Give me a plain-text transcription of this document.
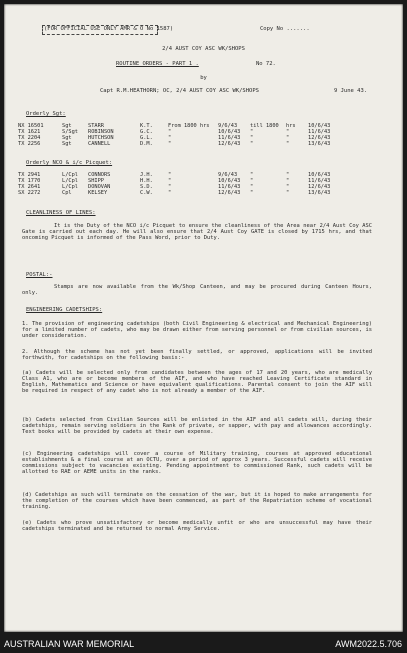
(FOR OFFICIAL USE ONLY AMR & O No 1587)	Copy No .......
2/4 AUST COY ASC WK/SHOPS
ROUTINE ORDERS - PART 1 .	No 72.
by
Capt R.M.HEATHORN; OC, 2/4 AUST COY ASC WK/SHOPS	9 June 43.
Orderly Sgt:
NX 16501	Sgt	STARR	K.T.	From 1800 hrs	9/6/43	till 1800	hrs	10/6/43
TX 1621	S/Sgt	ROBINSON	G.C.	"	10/6/43	"	"	11/6/43
TX 2204	Sgt	HUTCHSON	G.L.	"	11/6/43	"	"	12/6/43
TX 2256	Sgt	CANNELL	D.M.	"	12/6/43	"	"	13/6/43
Orderly NCO & i/c Picquet:
TX 2941	L/Cpl	CONNORS	J.H.	"	9/6/43	"	"	10/6/43
TX 1770	L/Cpl	SHIPP	H.H.	"	10/6/43	"	"	11/6/43
TX 2641	L/Cpl	DONOVAN	S.D.	"	11/6/43	"	"	12/6/43
SX 2272	Cpl	KELSEY	C.W.	"	12/6/43	"	"	13/6/43
CLEANLINESS OF LINES:
It is the Duty of the NCO i/c Picquet to ensure the cleanliness of the Area near 2/4 Aust Coy ASC Gate is carried out each day. He will also ensure that 2/4 Aust Coy GATE is closed by 1715 hrs, and that oncoming Picquet is informed of the Pass Word, prior to Duty.
POSTAL:-
Stamps are now available from the Wk/Shop Canteen, and may be procured during Canteen Hours, only.
ENGINEERING CADETSHIPS:
1. The provision of engineering cadetships (both Civil Engineering & electrical and Mechanical Engineering) for a limited number of cadets, who may be drawn either from serving personnel or from civilian sources, is under consideration.
2. Although the scheme has not yet been finally settled, or approved, applications will be invited forthwith, for cadetships on the following basis:-
(a) Cadets will be selected only from candidates between the ages of 17 and 20 years, who are medically Class A1, who are or become members of the AIF, and who have reached Leaving Certificate standard in English, Mathematics and Science or have equivalent qualifications. Parental consent to join the AIF will be required in respect of any cadet who is not already a member of the AIF.
(b) Cadets selected from Civilian Sources will be enlisted in the AIF and all cadets will, during their cadetships, remain serving soldiers in the Rank of private, or sapper, with pay and allowances accordingly. Text books will be provided by cadets at their own expense.
(c) Engineering cadetships will cover a course of Military training, courses at approved educational establishments & a final course at an OCTU, over a period of approx 3 years. Successful cadets will receive commissions subject to vacancies existing. Pending appointment to commissioned Rank, such cadets will be allotted to RAE or AEME units in the ranks.
(d) Cadetships as such will terminate on the cessation of the war, but it is hoped to make arrangements for the completion of the courses which have been commenced, as part of the Repatriation scheme of vocational training.
(e) Cadets who prove unsatisfactory or become medically unfit or who are unsuccessful may have their cadetships terminated and be returned to normal Army Service.
AUSTRALIAN WAR MEMORIAL	AWM2022.5.706
